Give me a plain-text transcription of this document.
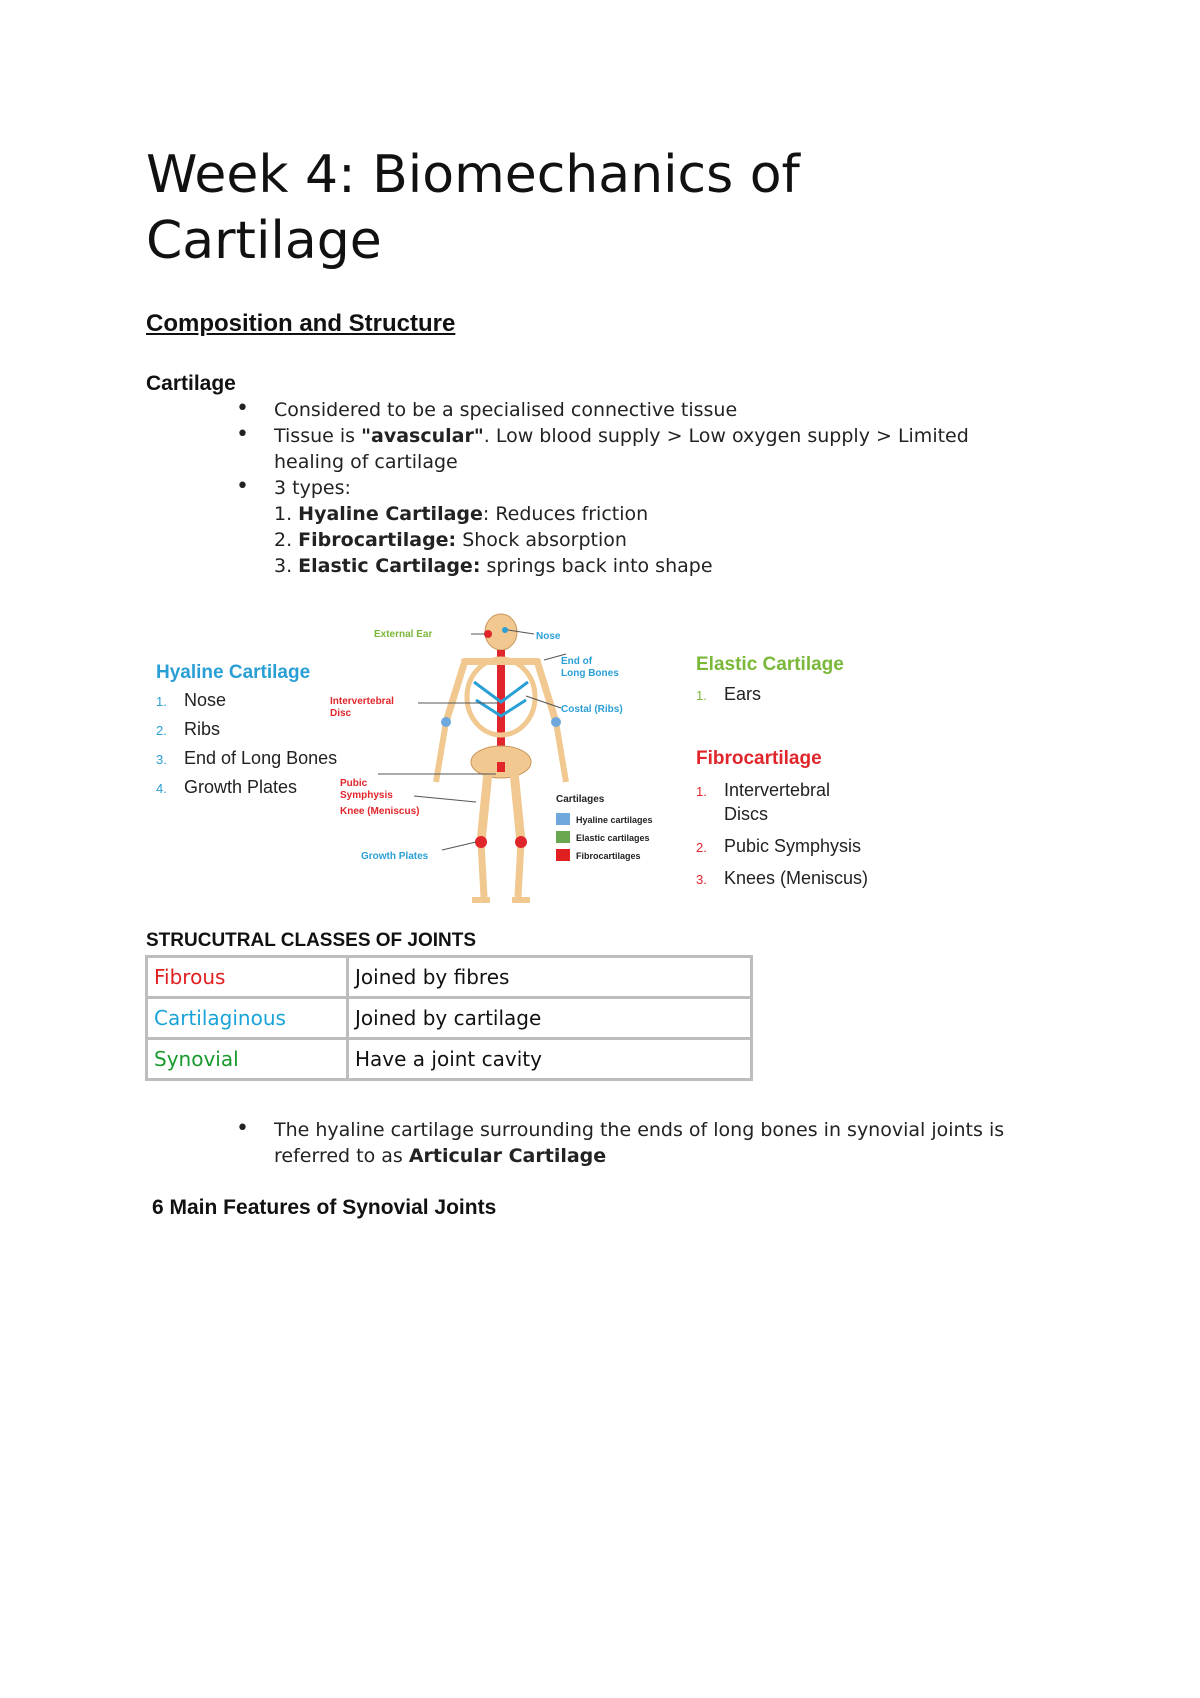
Week 4: Biomechanics of Cartilage
Composition and Structure
Cartilage
• Considered to be a specialised connective tissue
• Tissue is "avascular". Low blood supply > Low oxygen supply > Limited
healing of cartilage
• 3 types:
1. Hyaline Cartilage: Reduces friction
2. Fibrocartilage: Shock absorption
3. Elastic Cartilage: springs back into shape
Hyaline Cartilage
1. Nose
2. Ribs
3. End of Long Bones
4. Growth Plates
External Ear	Nose
End of
Long Bones
Costal (Ribs)
Intervertebral
Disc
Pubic
Symphysis
Knee (Meniscus)
Growth Plates
Cartilages
Hyaline cartilages
Elastic cartilages
Fibrocartilages
Elastic Cartilage
1. Ears
Fibrocartilage
1. Intervertebral
Discs
2. Pubic Symphysis
3. Knees (Meniscus)
STRUCUTRAL CLASSES OF JOINTS
Fibrous	Joined by fibres
Cartilaginous	Joined by cartilage
Synovial	Have a joint cavity
• The hyaline cartilage surrounding the ends of long bones in synovial joints is
referred to as Articular Cartilage
6 Main Features of Synovial Joints
